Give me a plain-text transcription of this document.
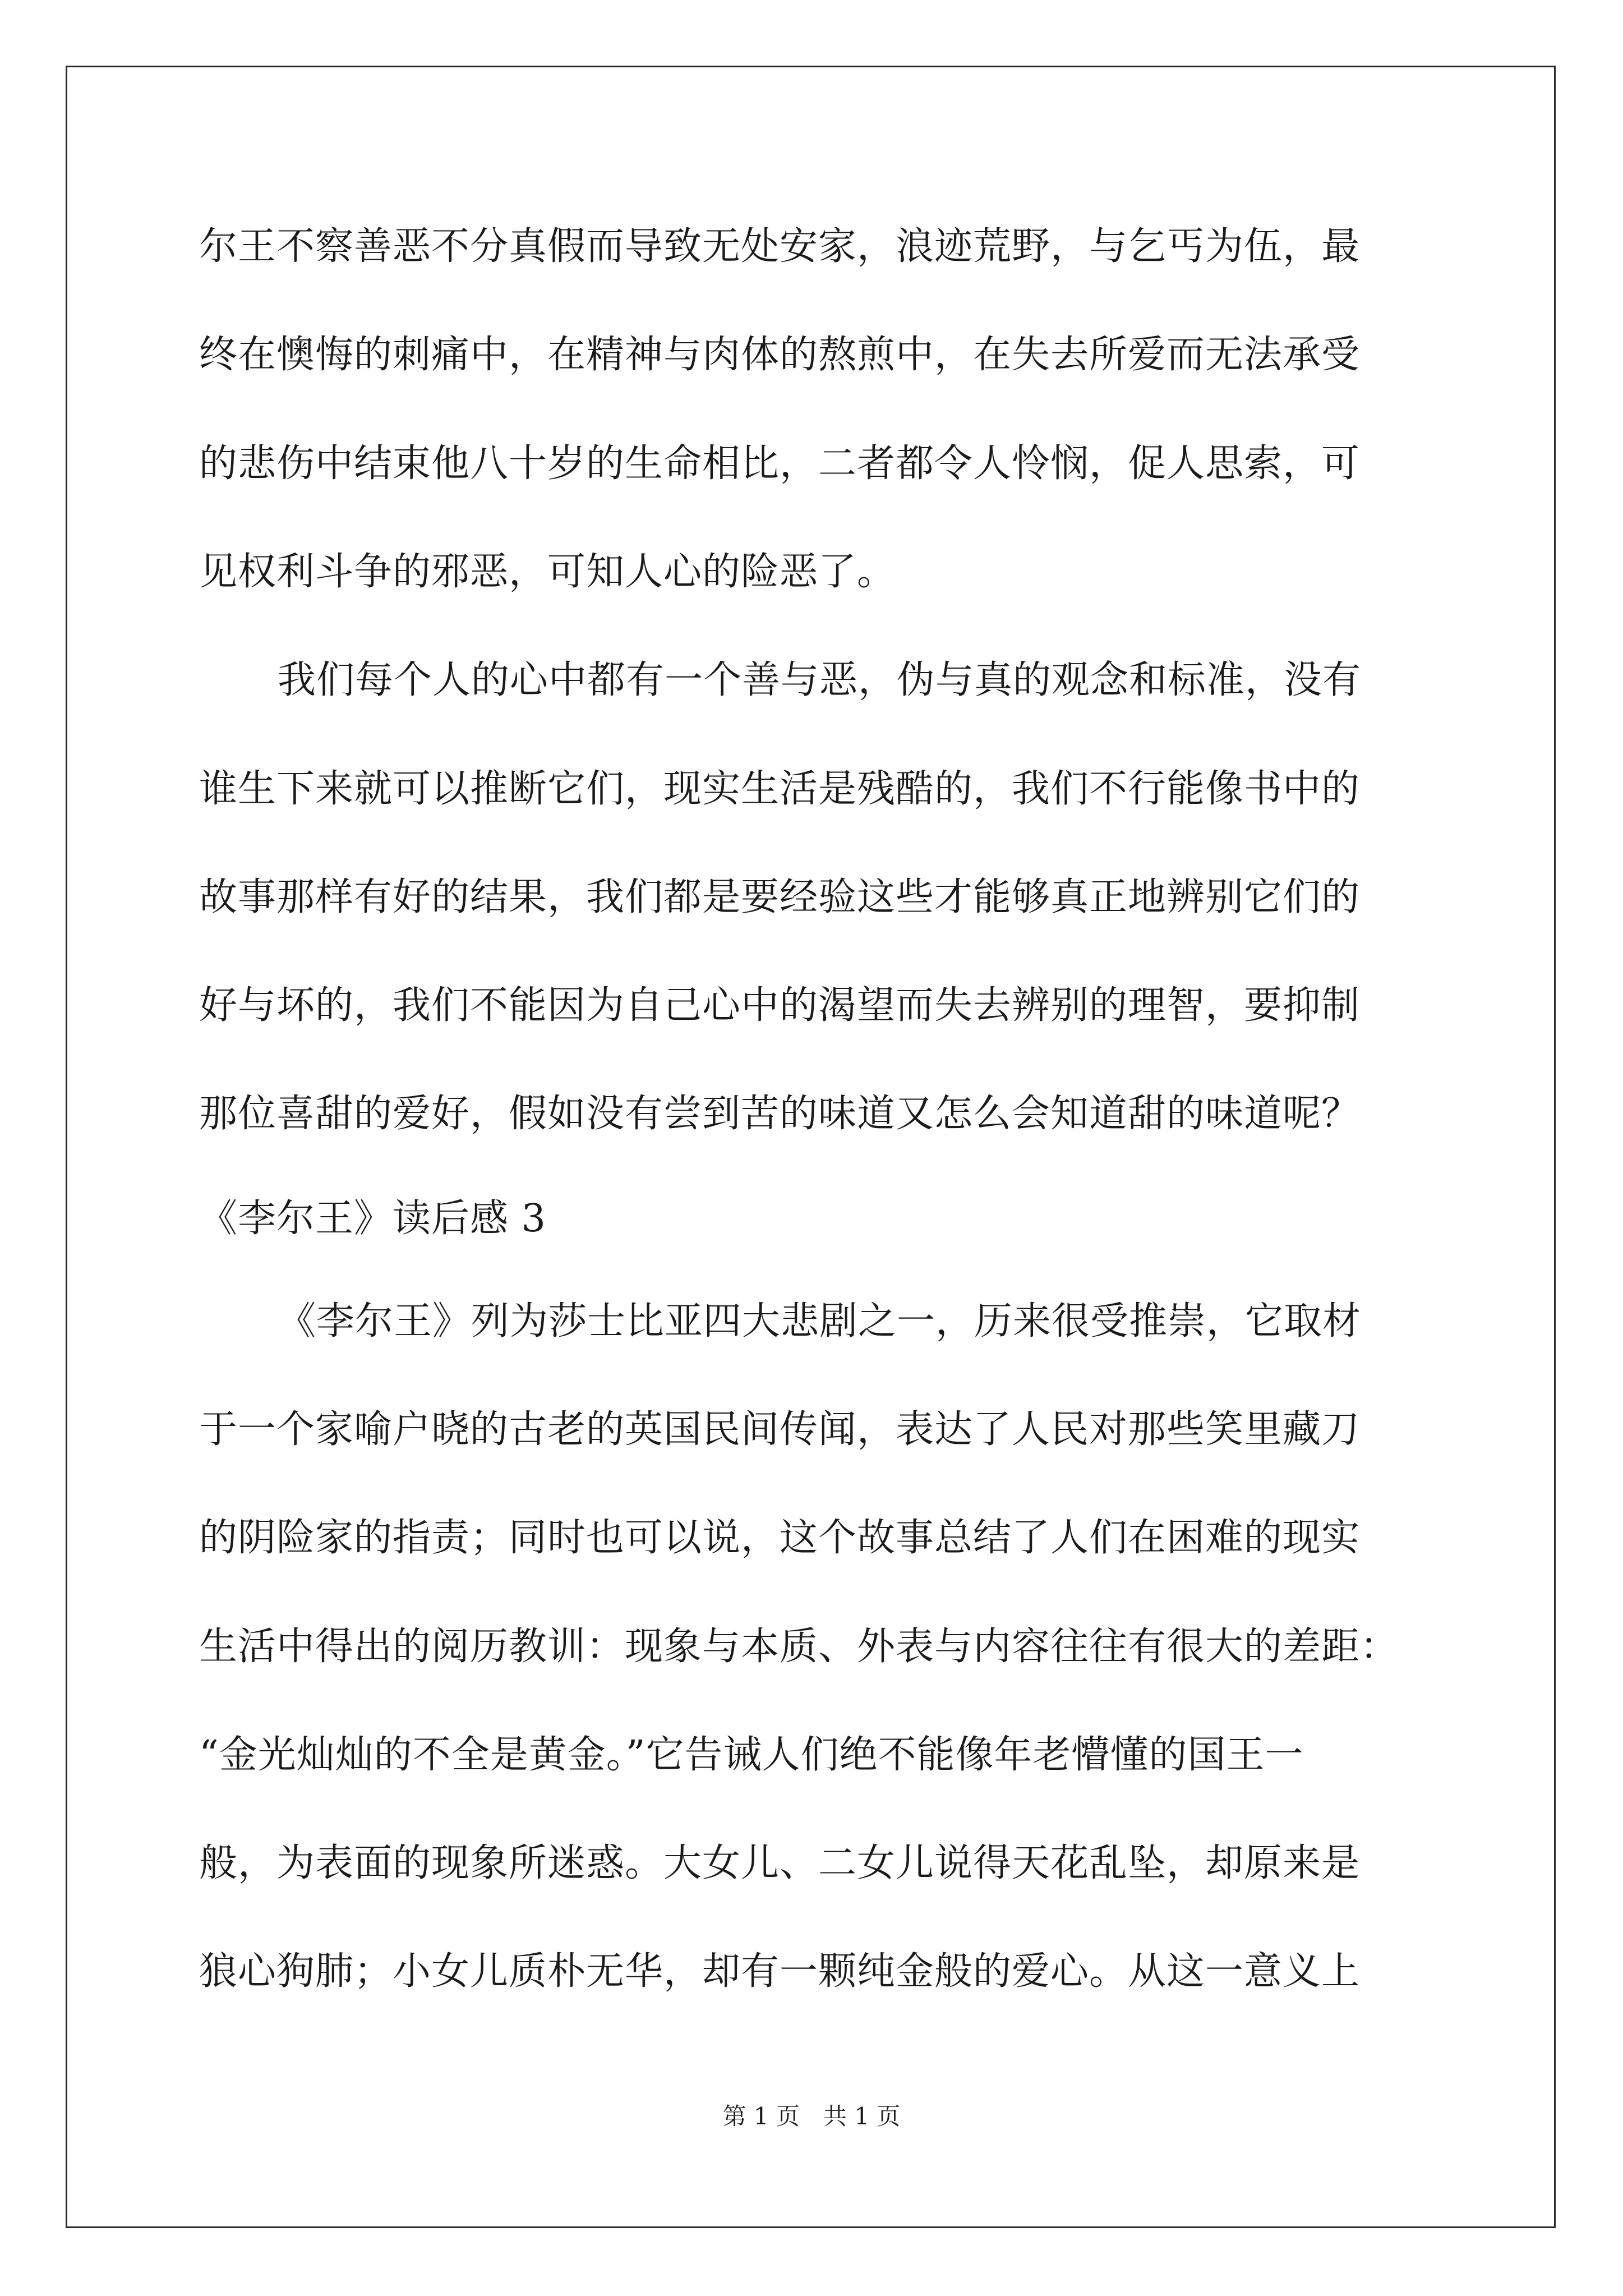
尔王不察善恶不分真假而导致无处安家，浪迹荒野，与乞丐为伍，最
终在懊悔的刺痛中，在精神与肉体的熬煎中，在失去所爱而无法承受
的悲伤中结束他八十岁的生命相比，二者都令人怜悯，促人思索，可
见权利斗争的邪恶，可知人心的险恶了。
我们每个人的心中都有一个善与恶，伪与真的观念和标准，没有
谁生下来就可以推断它们，现实生活是残酷的，我们不行能像书中的
故事那样有好的结果，我们都是要经验这些才能够真正地辨别它们的
好与坏的，我们不能因为自己心中的渴望而失去辨别的理智，要抑制
那位喜甜的爱好，假如没有尝到苦的味道又怎么会知道甜的味道呢？
《李尔王》读后感 3
《李尔王》列为莎士比亚四大悲剧之一，历来很受推崇，它取材
于一个家喻户晓的古老的英国民间传闻，表达了人民对那些笑里藏刀
的阴险家的指责；同时也可以说，这个故事总结了人们在困难的现实
生活中得出的阅历教训：现象与本质、外表与内容往往有很大的差距：
“金光灿灿的不全是黄金。”它告诫人们绝不能像年老懵懂的国王一
般，为表面的现象所迷惑。大女儿、二女儿说得天花乱坠，却原来是
狼心狗肺；小女儿质朴无华，却有一颗纯金般的爱心。从这一意义上
第 1 页　共 1 页
